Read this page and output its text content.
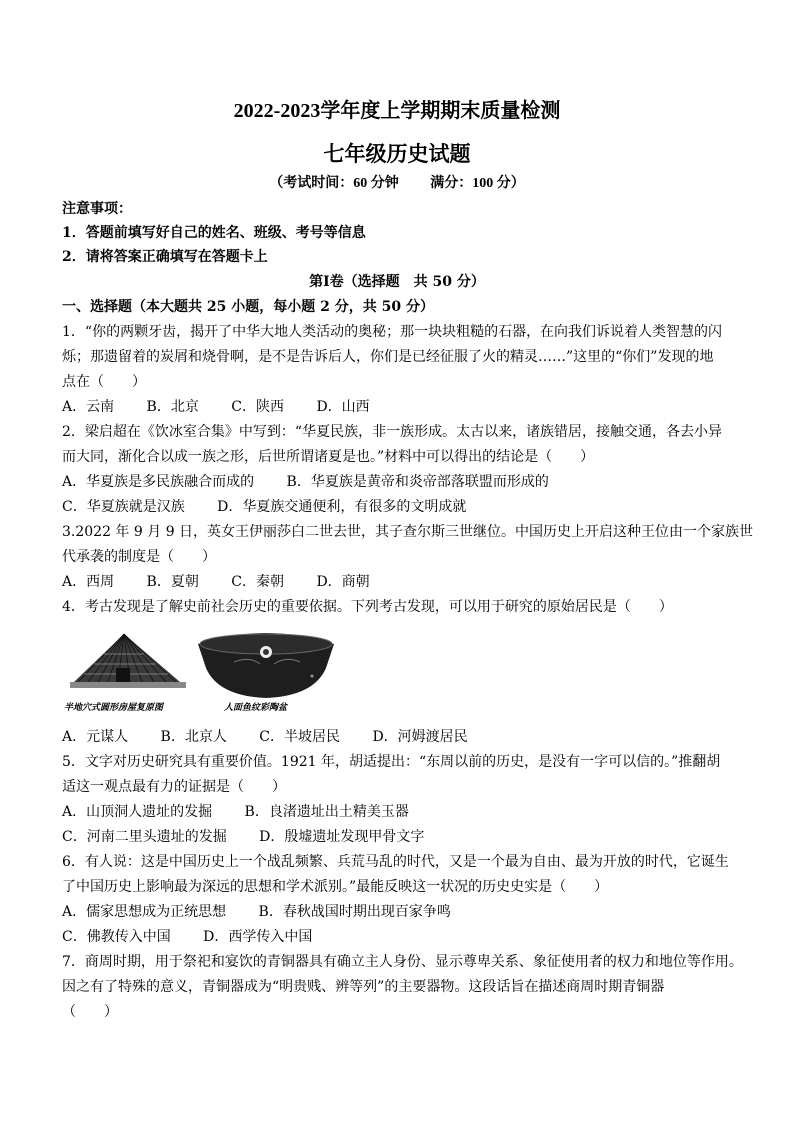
2022-2023学年度上学期期末质量检测
七年级历史试题
（考试时间：60 分钟　　 满分：100 分）
注意事项：
1．答题前填写好自己的姓名、班级、考号等信息
2．请将答案正确填写在答题卡上
第Ⅰ卷（选择题　共 50 分）
一、选择题（本大题共 25 小题，每小题 2 分，共 50 分）
1．“你的两颗牙齿，揭开了中华大地人类活动的奥秘；那一块块粗糙的石器，在向我们诉说着人类智慧的闪
烁；那遗留着的炭屑和烧骨啊，是不是告诉后人，你们是已经征服了火的精灵……”这里的“你们”发现的地
点在（　　）
A．云南　　 B．北京　　 C．陕西　　 D．山西
2．梁启超在《饮冰室合集》中写到：“华夏民族，非一族形成。太古以来，诸族错居，接触交通，各去小异
而大同，渐化合以成一族之形，后世所谓诸夏是也。”材料中可以得出的结论是（　　）
A．华夏族是多民族融合而成的　　 B．华夏族是黄帝和炎帝部落联盟而形成的
C．华夏族就是汉族　　 D．华夏族交通便利，有很多的文明成就
3.2022 年 9 月 9 日，英女王伊丽莎白二世去世，其子查尔斯三世继位。中国历史上开启这种王位由一个家族世
代承袭的制度是（　　）
A．西周　　 B．夏朝　　 C．秦朝　　 D．商朝
4．考古发现是了解史前社会历史的重要依据。下列考古发现，可以用于研究的原始居民是（　　）
半地穴式圆形房屋复原图	人面鱼纹彩陶盆
A．元谋人　　 B．北京人　　 C．半坡居民　　 D．河姆渡居民
5．文字对历史研究具有重要价值。1921 年，胡适提出：“东周以前的历史，是没有一字可以信的。”推翻胡
适这一观点最有力的证据是（　　）
A．山顶洞人遗址的发掘　　 B．良渚遗址出土精美玉器
C．河南二里头遗址的发掘　　 D．殷墟遗址发现甲骨文字
6．有人说：这是中国历史上一个战乱频繁、兵荒马乱的时代，又是一个最为自由、最为开放的时代，它诞生
了中国历史上影响最为深远的思想和学术派别。”最能反映这一状况的历史史实是（　　）
A．儒家思想成为正统思想　　 B．春秋战国时期出现百家争鸣
C．佛教传入中国　　 D．西学传入中国
7．商周时期，用于祭祀和宴饮的青铜器具有确立主人身份、显示尊卑关系、象征使用者的权力和地位等作用。
因之有了特殊的意义，青铜器成为“明贵贱、辨等列”的主要器物。这段话旨在描述商周时期青铜器
（　　）
